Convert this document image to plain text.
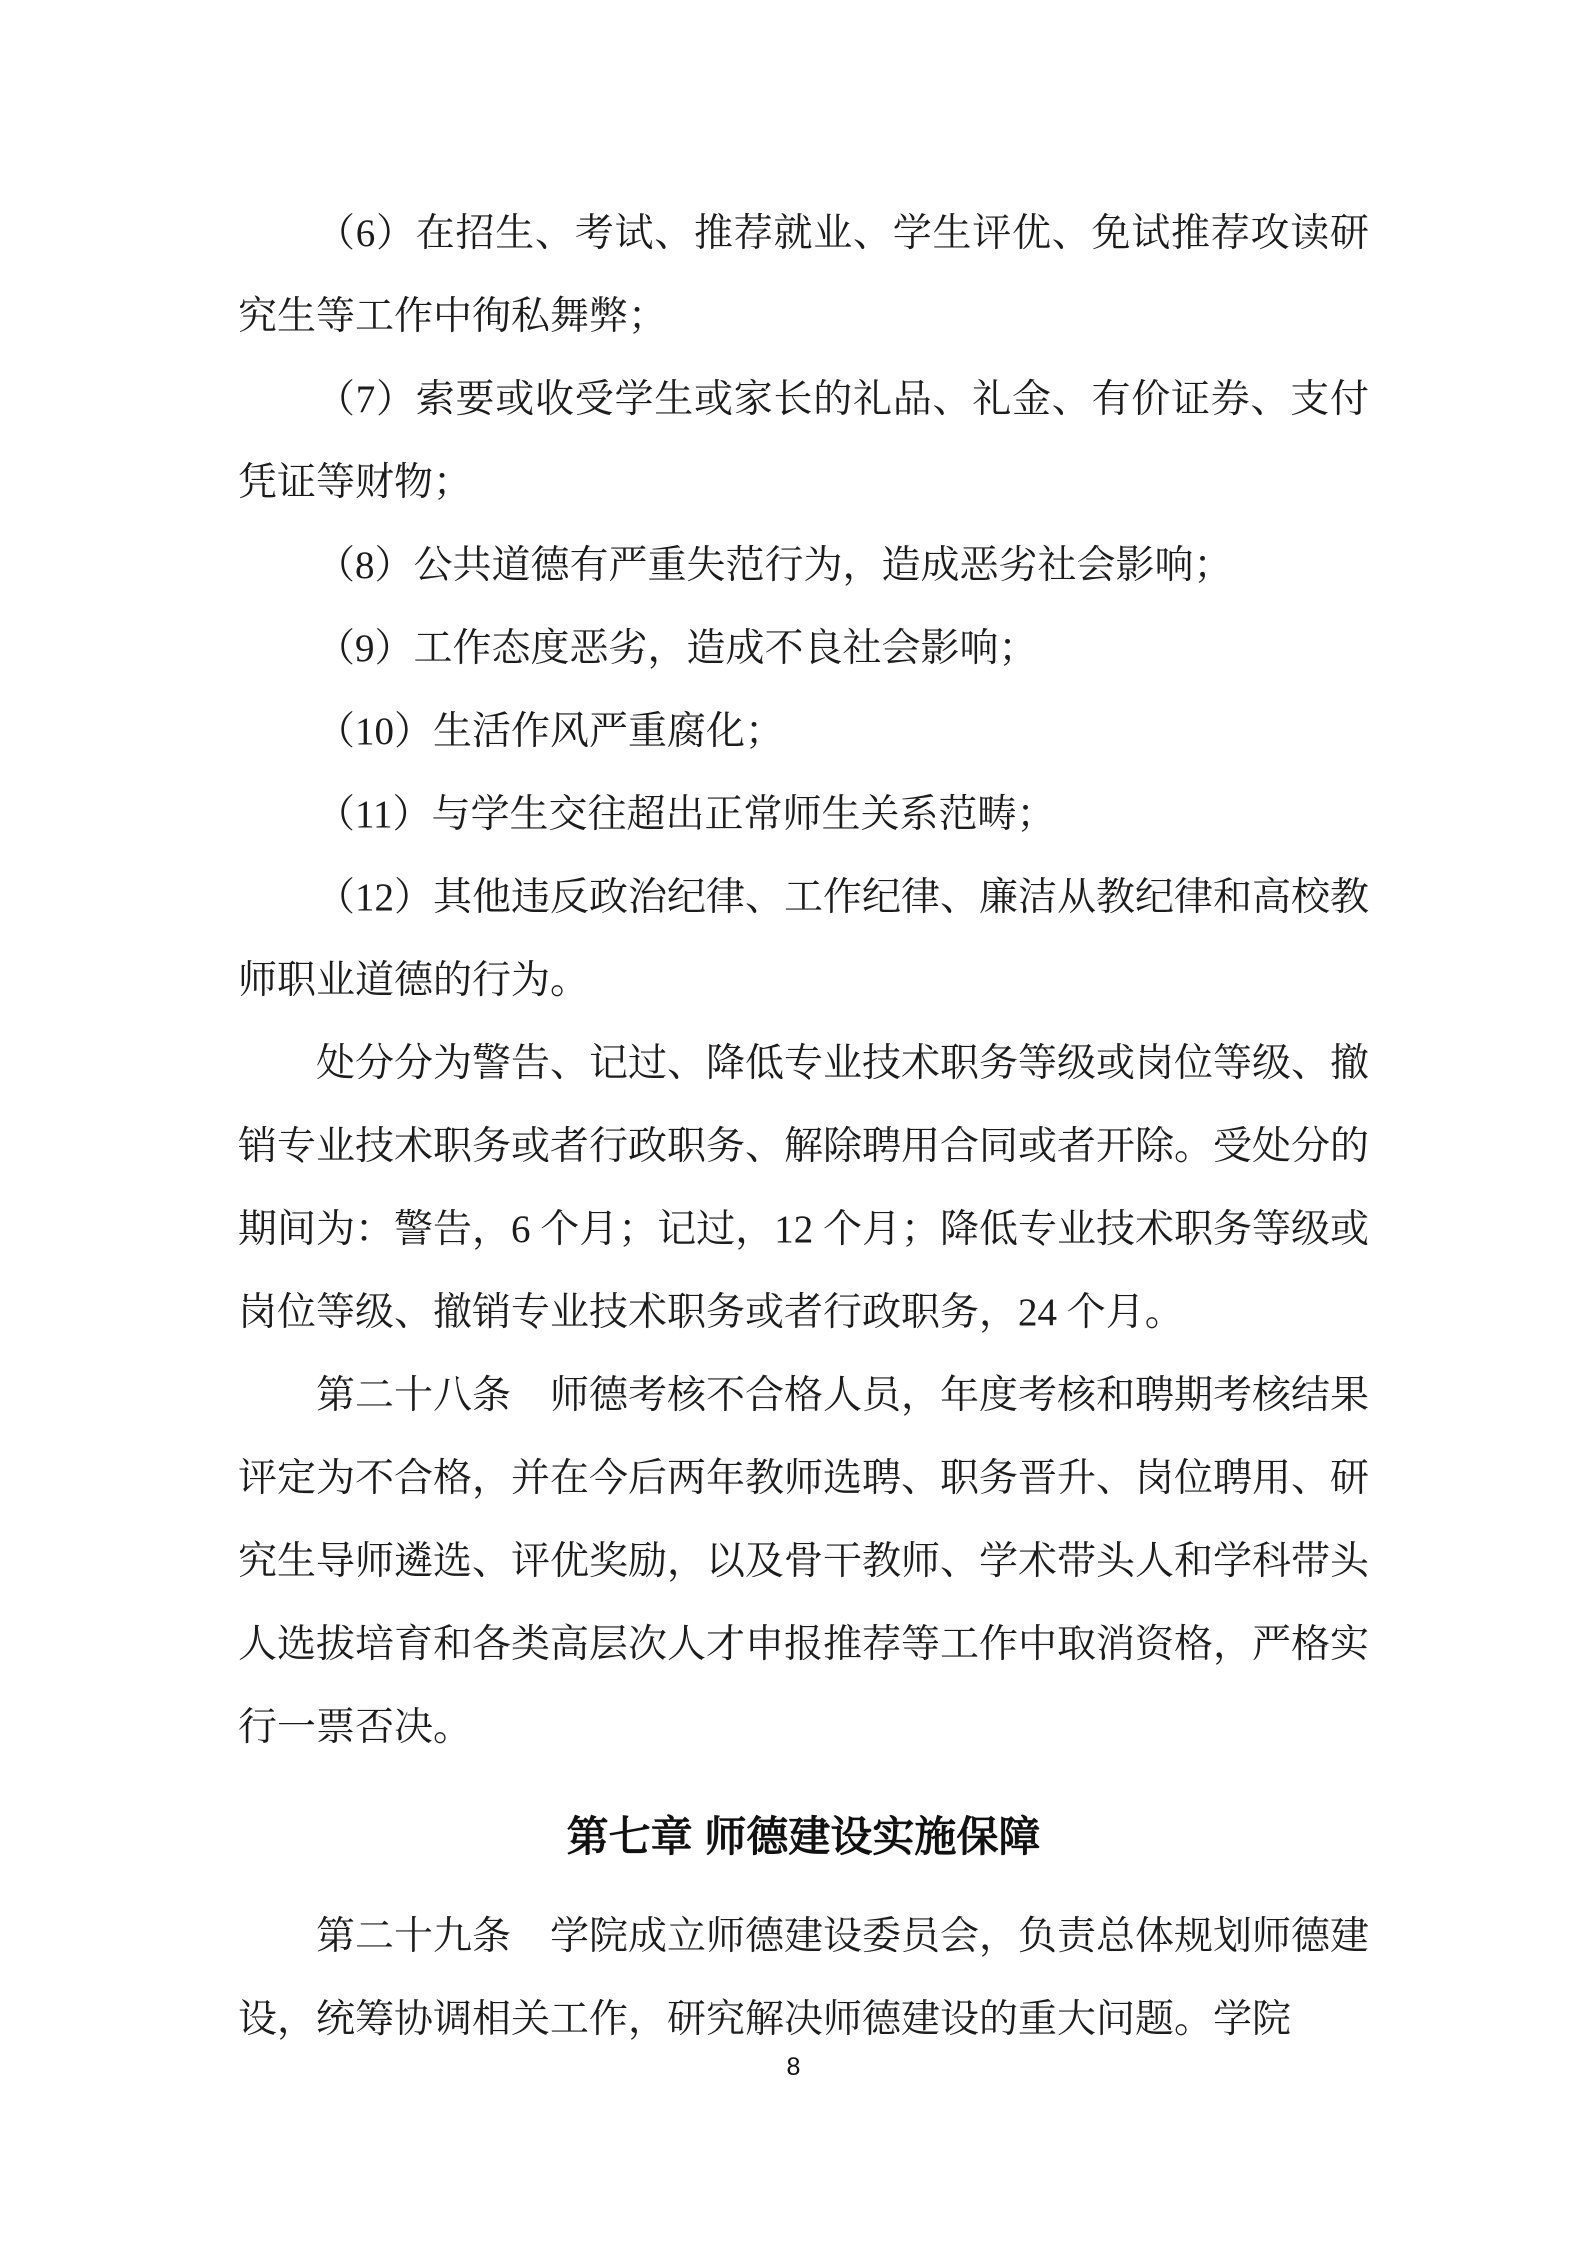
（6）在招生、考试、推荐就业、学生评优、免试推荐攻读研究生等工作中徇私舞弊；

（7）索要或收受学生或家长的礼品、礼金、有价证券、支付凭证等财物；

（8）公共道德有严重失范行为，造成恶劣社会影响；

（9）工作态度恶劣，造成不良社会影响；

（10）生活作风严重腐化；

（11）与学生交往超出正常师生关系范畴；

（12）其他违反政治纪律、工作纪律、廉洁从教纪律和高校教师职业道德的行为。

处分分为警告、记过、降低专业技术职务等级或岗位等级、撤销专业技术职务或者行政职务、解除聘用合同或者开除。受处分的期间为：警告，6 个月；记过，12 个月；降低专业技术职务等级或岗位等级、撤销专业技术职务或者行政职务，24 个月。

第二十八条　师德考核不合格人员，年度考核和聘期考核结果评定为不合格，并在今后两年教师选聘、职务晋升、岗位聘用、研究生导师遴选、评优奖励，以及骨干教师、学术带头人和学科带头人选拔培育和各类高层次人才申报推荐等工作中取消资格，严格实行一票否决。

第七章 师德建设实施保障

第二十九条　学院成立师德建设委员会，负责总体规划师德建设，统筹协调相关工作，研究解决师德建设的重大问题。学院

8
